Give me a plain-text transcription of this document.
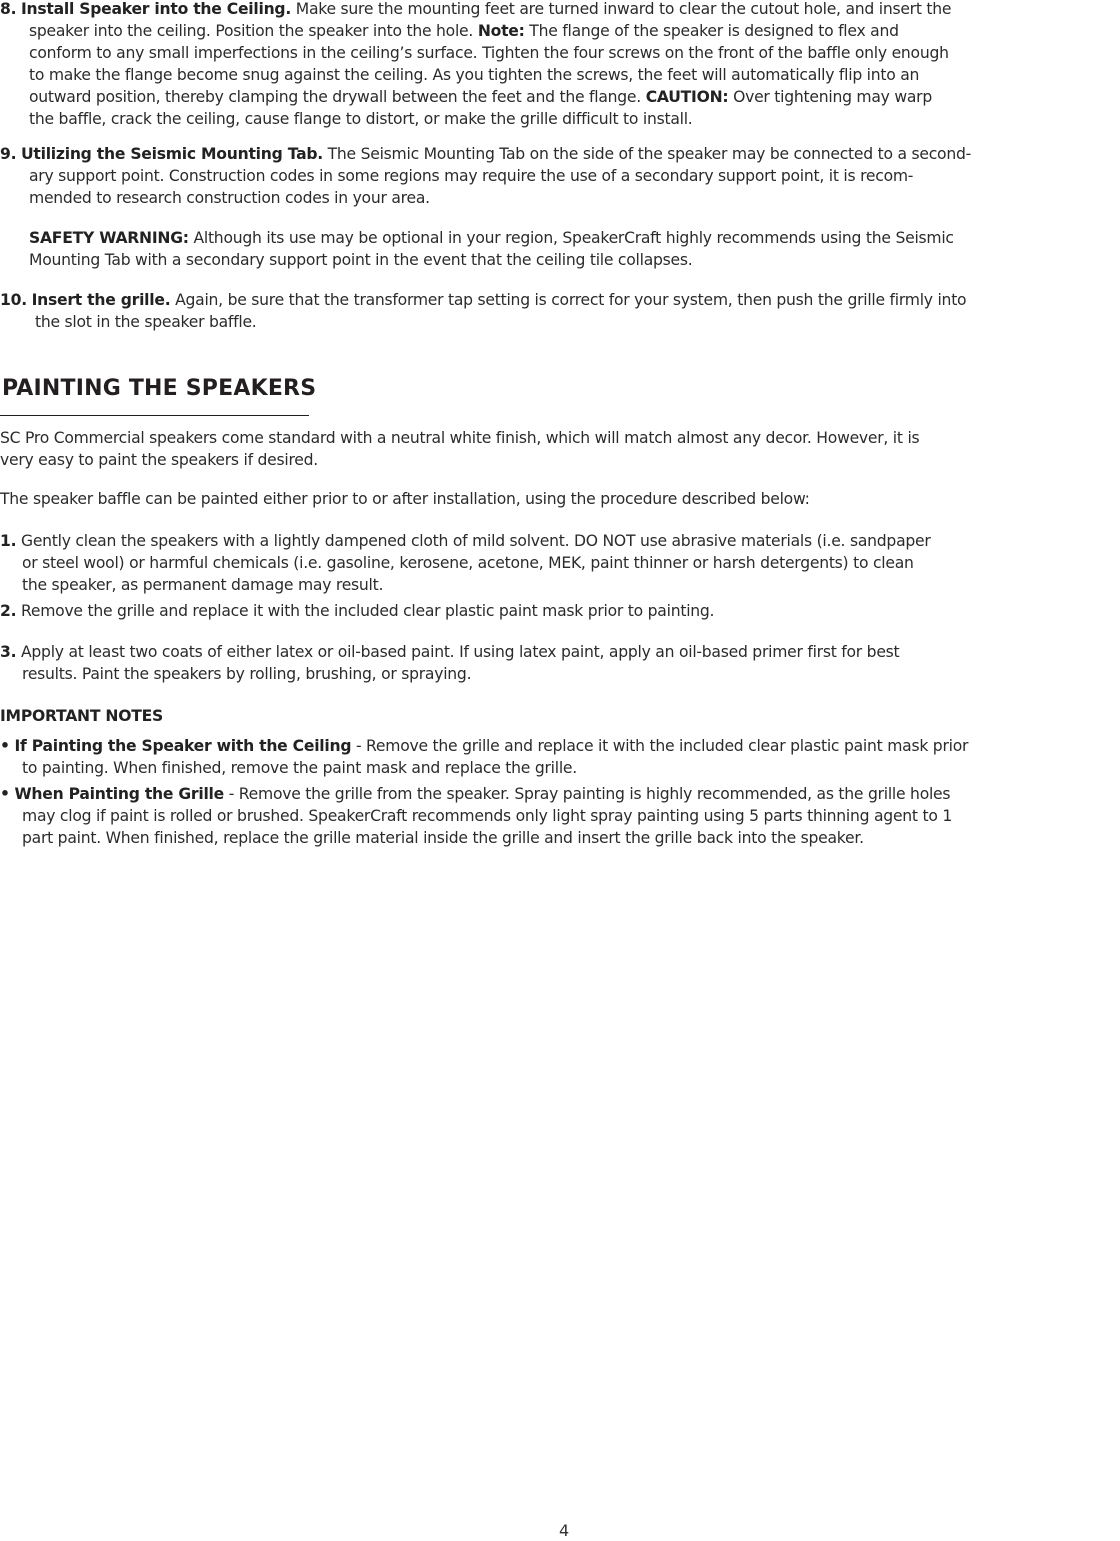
8. Install Speaker into the Ceiling. Make sure the mounting feet are turned inward to clear the cutout hole, and insert the
speaker into the ceiling. Position the speaker into the hole. Note: The flange of the speaker is designed to flex and
conform to any small imperfections in the ceiling’s surface. Tighten the four screws on the front of the baffle only enough
to make the flange become snug against the ceiling. As you tighten the screws, the feet will automatically flip into an
outward position, thereby clamping the drywall between the feet and the flange. CAUTION: Over tightening may warp
the baffle, crack the ceiling, cause flange to distort, or make the grille difficult to install.
9. Utilizing the Seismic Mounting Tab. The Seismic Mounting Tab on the side of the speaker may be connected to a second-
ary support point. Construction codes in some regions may require the use of a secondary support point, it is recom-
mended to research construction codes in your area.
SAFETY WARNING: Although its use may be optional in your region, SpeakerCraft highly recommends using the Seismic
Mounting Tab with a secondary support point in the event that the ceiling tile collapses.
10. Insert the grille. Again, be sure that the transformer tap setting is correct for your system, then push the grille firmly into
the slot in the speaker baffle.
PAINTING THE SPEAKERS
SC Pro Commercial speakers come standard with a neutral white finish, which will match almost any decor. However, it is
very easy to paint the speakers if desired.
The speaker baffle can be painted either prior to or after installation, using the procedure described below:
1. Gently clean the speakers with a lightly dampened cloth of mild solvent. DO NOT use abrasive materials (i.e. sandpaper
or steel wool) or harmful chemicals (i.e. gasoline, kerosene, acetone, MEK, paint thinner or harsh detergents) to clean
the speaker, as permanent damage may result.
2. Remove the grille and replace it with the included clear plastic paint mask prior to painting.
3. Apply at least two coats of either latex or oil-based paint. If using latex paint, apply an oil-based primer first for best
results. Paint the speakers by rolling, brushing, or spraying.
IMPORTANT NOTES
• If Painting the Speaker with the Ceiling - Remove the grille and replace it with the included clear plastic paint mask prior
to painting. When finished, remove the paint mask and replace the grille.
• When Painting the Grille - Remove the grille from the speaker. Spray painting is highly recommended, as the grille holes
may clog if paint is rolled or brushed. SpeakerCraft recommends only light spray painting using 5 parts thinning agent to 1
part paint. When finished, replace the grille material inside the grille and insert the grille back into the speaker.
4
